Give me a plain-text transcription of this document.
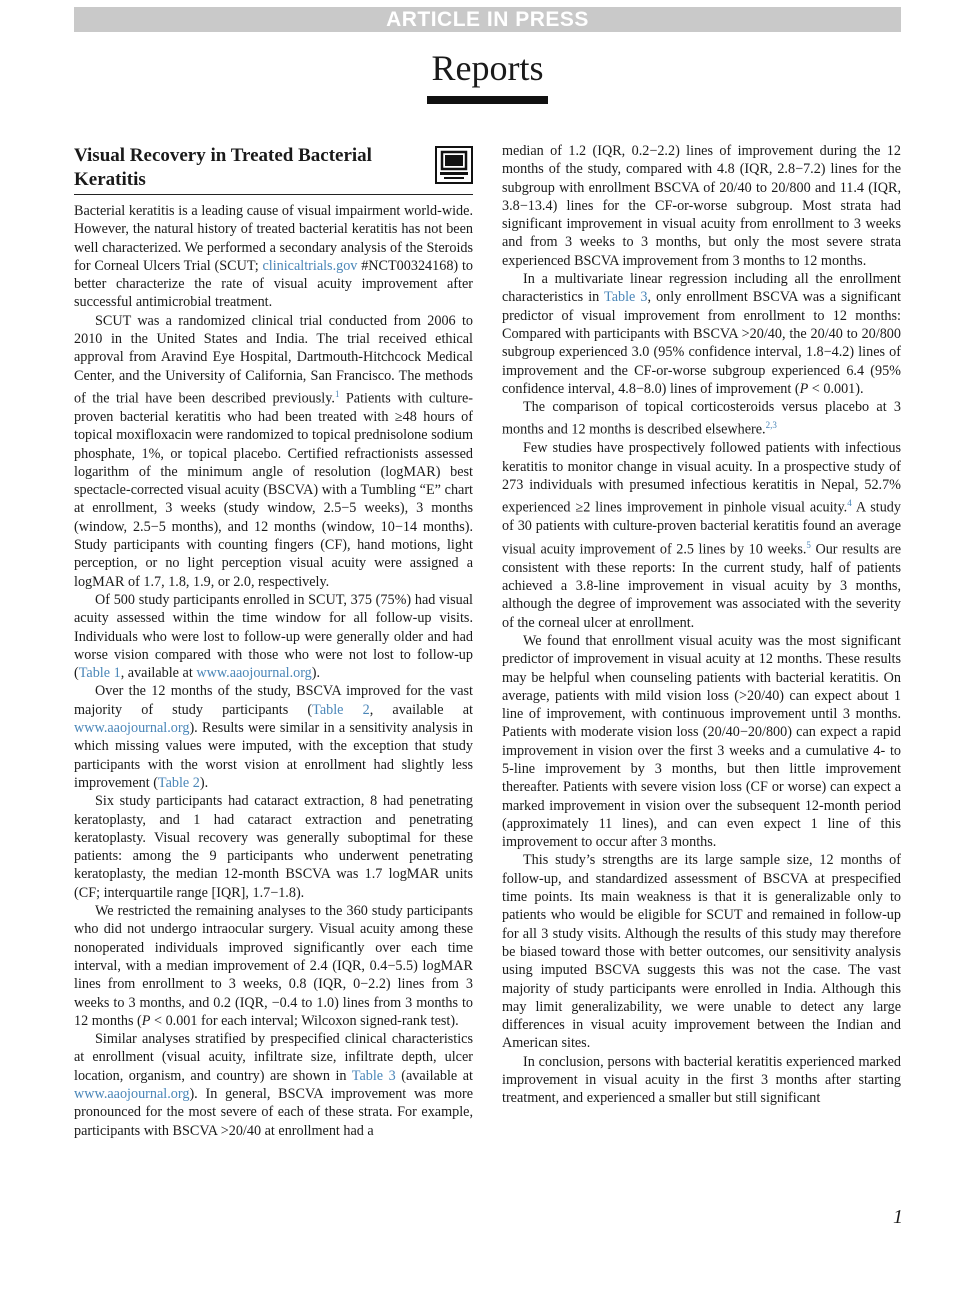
ARTICLE IN PRESS
Reports
Visual Recovery in Treated Bacterial Keratitis

Bacterial keratitis is a leading cause of visual impairment world-wide. However, the natural history of treated bacterial keratitis has not been well characterized. We performed a secondary analysis of the Steroids for Corneal Ulcers Trial (SCUT; clinicaltrials.gov #NCT00324168) to better characterize the rate of visual acuity improvement after successful antimicrobial treatment.

SCUT was a randomized clinical trial conducted from 2006 to 2010 in the United States and India. The trial received ethical approval from Aravind Eye Hospital, Dartmouth-Hitchcock Medical Center, and the University of California, San Francisco. The methods of the trial have been described previously.$^1$ Patients with culture-proven bacterial keratitis who had been treated with ≥48 hours of topical moxifloxacin were randomized to topical prednisolone sodium phosphate, 1%, or topical placebo. Certified refractionists assessed logarithm of the minimum angle of resolution (logMAR) best spectacle-corrected visual acuity (BSCVA) with a Tumbling “E” chart at enrollment, 3 weeks (study window, 2.5−5 weeks), 3 months (window, 2.5−5 months), and 12 months (window, 10−14 months). Study participants with counting fingers (CF), hand motions, light perception, or no light perception visual acuity were assigned a logMAR of 1.7, 1.8, 1.9, or 2.0, respectively.

Of 500 study participants enrolled in SCUT, 375 (75%) had visual acuity assessed within the time window for all follow-up visits. Individuals who were lost to follow-up were generally older and had worse vision compared with those who were not lost to follow-up (Table 1, available at www.aaojournal.org).

Over the 12 months of the study, BSCVA improved for the vast majority of study participants (Table 2, available at www.aaojournal.org). Results were similar in a sensitivity analysis in which missing values were imputed, with the exception that study participants with the worst vision at enrollment had slightly less improvement (Table 2).

Six study participants had cataract extraction, 8 had penetrating keratoplasty, and 1 had cataract extraction and penetrating keratoplasty. Visual recovery was generally suboptimal for these patients: among the 9 participants who underwent penetrating keratoplasty, the median 12-month BSCVA was 1.7 logMAR units (CF; interquartile range [IQR], 1.7−1.8).

We restricted the remaining analyses to the 360 study participants who did not undergo intraocular surgery. Visual acuity among these nonoperated individuals improved significantly over each time interval, with a median improvement of 2.4 (IQR, 0.4−5.5) logMAR lines from enrollment to 3 weeks, 0.8 (IQR, 0−2.2) lines from 3 weeks to 3 months, and 0.2 (IQR, −0.4 to 1.0) lines from 3 months to 12 months (P < 0.001 for each interval; Wilcoxon signed-rank test).

Similar analyses stratified by prespecified clinical characteristics at enrollment (visual acuity, infiltrate size, infiltrate depth, ulcer location, organism, and country) are shown in Table 3 (available at www.aaojournal.org). In general, BSCVA improvement was more pronounced for the most severe of each of these strata. For example, participants with BSCVA >20/40 at enrollment had a

median of 1.2 (IQR, 0.2−2.2) lines of improvement during the 12 months of the study, compared with 4.8 (IQR, 2.8−7.2) lines for the subgroup with enrollment BSCVA of 20/40 to 20/800 and 11.4 (IQR, 3.8−13.4) lines for the CF-or-worse subgroup. Most strata had significant improvement in visual acuity from enrollment to 3 weeks and from 3 weeks to 3 months, but only the most severe strata experienced BSCVA improvement from 3 months to 12 months.

In a multivariate linear regression including all the enrollment characteristics in Table 3, only enrollment BSCVA was a significant predictor of visual improvement from enrollment to 12 months: Compared with participants with BSCVA >20/40, the 20/40 to 20/800 subgroup experienced 3.0 (95% confidence interval, 1.8−4.2) lines of improvement and the CF-or-worse subgroup experienced 6.4 (95% confidence interval, 4.8−8.0) lines of improvement (P < 0.001).

The comparison of topical corticosteroids versus placebo at 3 months and 12 months is described elsewhere.$^{2,3}$

Few studies have prospectively followed patients with infectious keratitis to monitor change in visual acuity. In a prospective study of 273 individuals with presumed infectious keratitis in Nepal, 52.7% experienced ≥2 lines improvement in pinhole visual acuity.$^4$ A study of 30 patients with culture-proven bacterial keratitis found an average visual acuity improvement of 2.5 lines by 10 weeks.$^5$ Our results are consistent with these reports: In the current study, half of patients achieved a 3.8-line improvement in visual acuity by 3 months, although the degree of improvement was associated with the severity of the corneal ulcer at enrollment.

We found that enrollment visual acuity was the most significant predictor of improvement in visual acuity at 12 months. These results may be helpful when counseling patients with bacterial keratitis. On average, patients with mild vision loss (>20/40) can expect about 1 line of improvement, with continuous improvement until 3 months. Patients with moderate vision loss (20/40−20/800) can expect a rapid improvement in vision over the first 3 weeks and a cumulative 4- to 5-line improvement by 3 months, but then little improvement thereafter. Patients with severe vision loss (CF or worse) can expect a marked improvement in vision over the subsequent 12-month period (approximately 11 lines), and can even expect 1 line of this improvement to occur after 3 months.

This study’s strengths are its large sample size, 12 months of follow-up, and standardized assessment of BSCVA at prespecified time points. Its main weakness is that it is generalizable only to patients who would be eligible for SCUT and remained in follow-up for all 3 study visits. Although the results of this study may therefore be biased toward those with better outcomes, our sensitivity analysis using imputed BSCVA suggests this was not the case. The vast majority of study participants were enrolled in India. Although this may limit generalizability, we were unable to detect any large differences in visual acuity improvement between the Indian and American sites.

In conclusion, persons with bacterial keratitis experienced marked improvement in visual acuity in the first 3 months after starting treatment, and experienced a smaller but still significant

1
